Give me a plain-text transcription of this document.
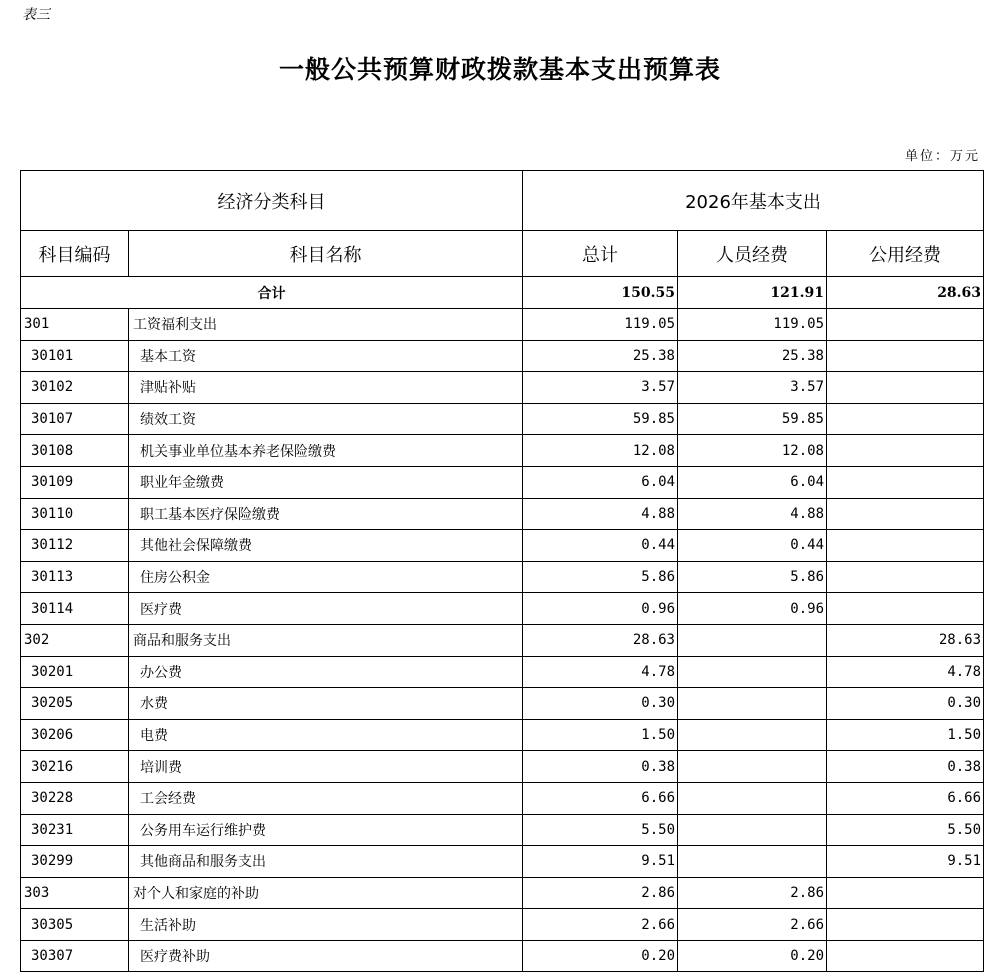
表三
一般公共预算财政拨款基本支出预算表
单位：万元
经济分类科目		2026年基本支出		
科目编码	科目名称	总计	人员经费	公用经费
合计		150.55	121.91	28.63
301	工资福利支出	119.05	119.05	
30101	基本工资	25.38	25.38	
30102	津贴补贴	3.57	3.57	
30107	绩效工资	59.85	59.85	
30108	机关事业单位基本养老保险缴费	12.08	12.08	
30109	职业年金缴费	6.04	6.04	
30110	职工基本医疗保险缴费	4.88	4.88	
30112	其他社会保障缴费	0.44	0.44	
30113	住房公积金	5.86	5.86	
30114	医疗费	0.96	0.96	
302	商品和服务支出	28.63		28.63
30201	办公费	4.78		4.78
30205	水费	0.30		0.30
30206	电费	1.50		1.50
30216	培训费	0.38		0.38
30228	工会经费	6.66		6.66
30231	公务用车运行维护费	5.50		5.50
30299	其他商品和服务支出	9.51		9.51
303	对个人和家庭的补助	2.86	2.86	
30305	生活补助	2.66	2.66	
30307	医疗费补助	0.20	0.20	
